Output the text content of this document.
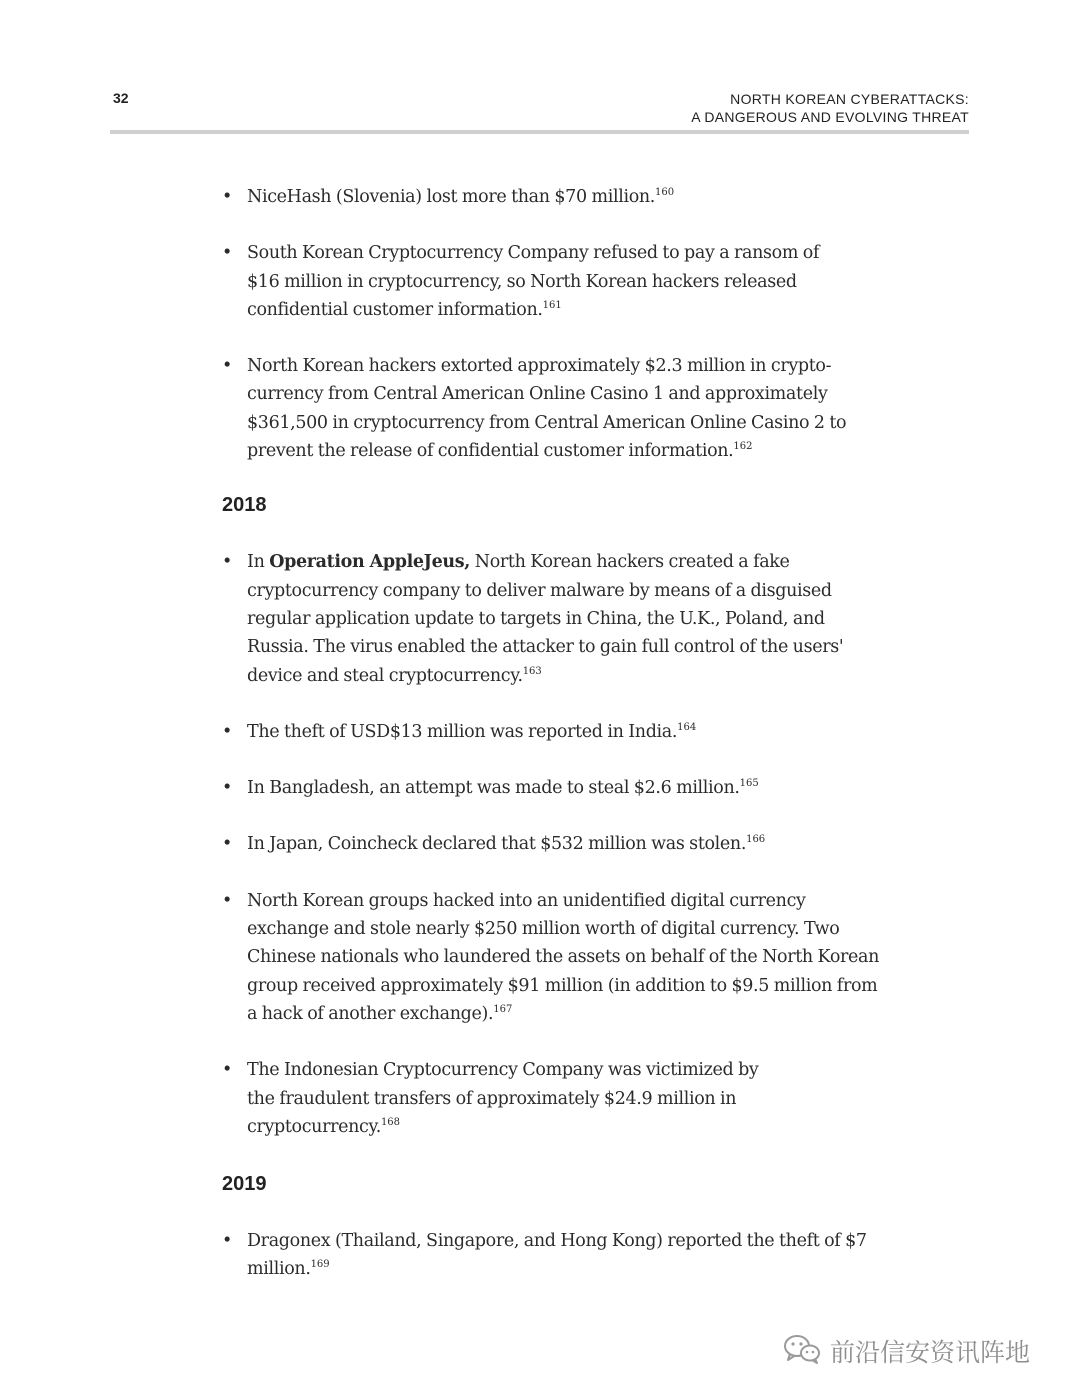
32	NORTH KOREAN CYBERATTACKS:
A DANGEROUS AND EVOLVING THREAT
• NiceHash (Slovenia) lost more than $70 million.$^{160}$
• South Korean Cryptocurrency Company refused to pay a ransom of $16 million in cryptocurrency, so North Korean hackers released confidential customer information.$^{161}$
• North Korean hackers extorted approximately $2.3 million in crypto-currency from Central American Online Casino 1 and approximately $361,500 in cryptocurrency from Central American Online Casino 2 to prevent the release of confidential customer information.$^{162}$
2018
• In Operation AppleJeus, North Korean hackers created a fake cryptocurrency company to deliver malware by means of a disguised regular application update to targets in China, the U.K., Poland, and Russia. The virus enabled the attacker to gain full control of the users' device and steal cryptocurrency.$^{163}$
• The theft of USD$13 million was reported in India.$^{164}$
• In Bangladesh, an attempt was made to steal $2.6 million.$^{165}$
• In Japan, Coincheck declared that $532 million was stolen.$^{166}$
• North Korean groups hacked into an unidentified digital currency exchange and stole nearly $250 million worth of digital currency. Two Chinese nationals who laundered the assets on behalf of the North Korean group received approximately $91 million (in addition to $9.5 million from a hack of another exchange).$^{167}$
• The Indonesian Cryptocurrency Company was victimized by the fraudulent transfers of approximately $24.9 million in cryptocurrency.$^{168}$
2019
• Dragonex (Thailand, Singapore, and Hong Kong) reported the theft of $7 million.$^{169}$
前沿信安资讯阵地
